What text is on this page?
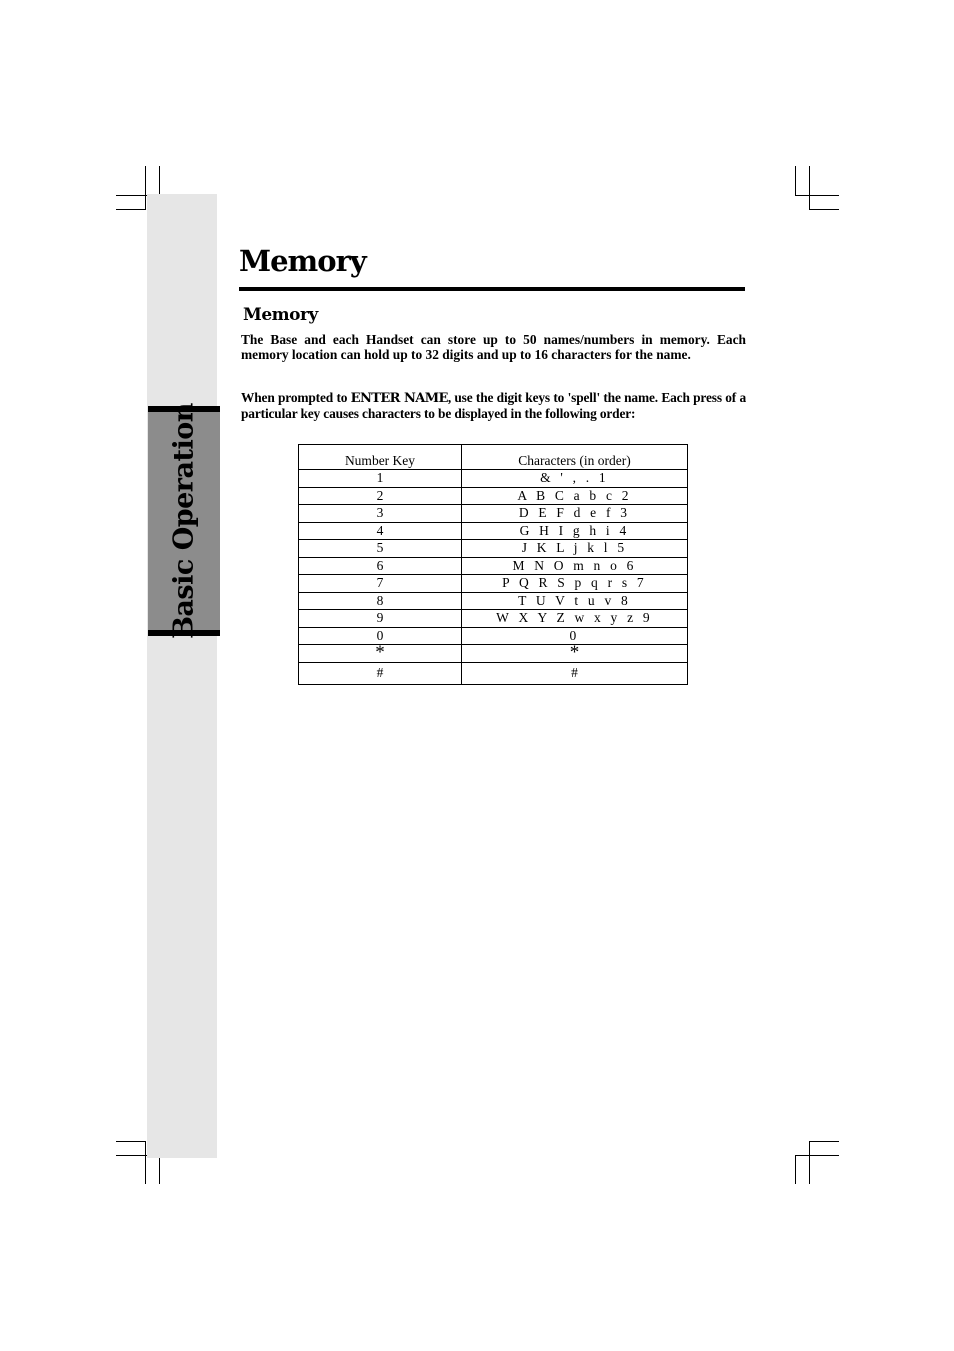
Basic Operation
Memory
Memory

The Base and each Handset can store up to 50 names/numbers in memory. Each memory location can hold up to 32 digits and up to 16 characters for the name.

When prompted to ENTER NAME, use the digit keys to 'spell' the name. Each press of a particular key causes characters to be displayed in the following order:

Number Key	Characters (in order)
1	& ' , . 1
2	A B C a b c 2
3	D E F d e f 3
4	G H I g h i 4
5	J K L j k l 5
6	M N O m n o 6
7	P Q R S p q r s 7
8	T U V t u v 8
9	W X Y Z w x y z 9
0	0
*	*
#	#
